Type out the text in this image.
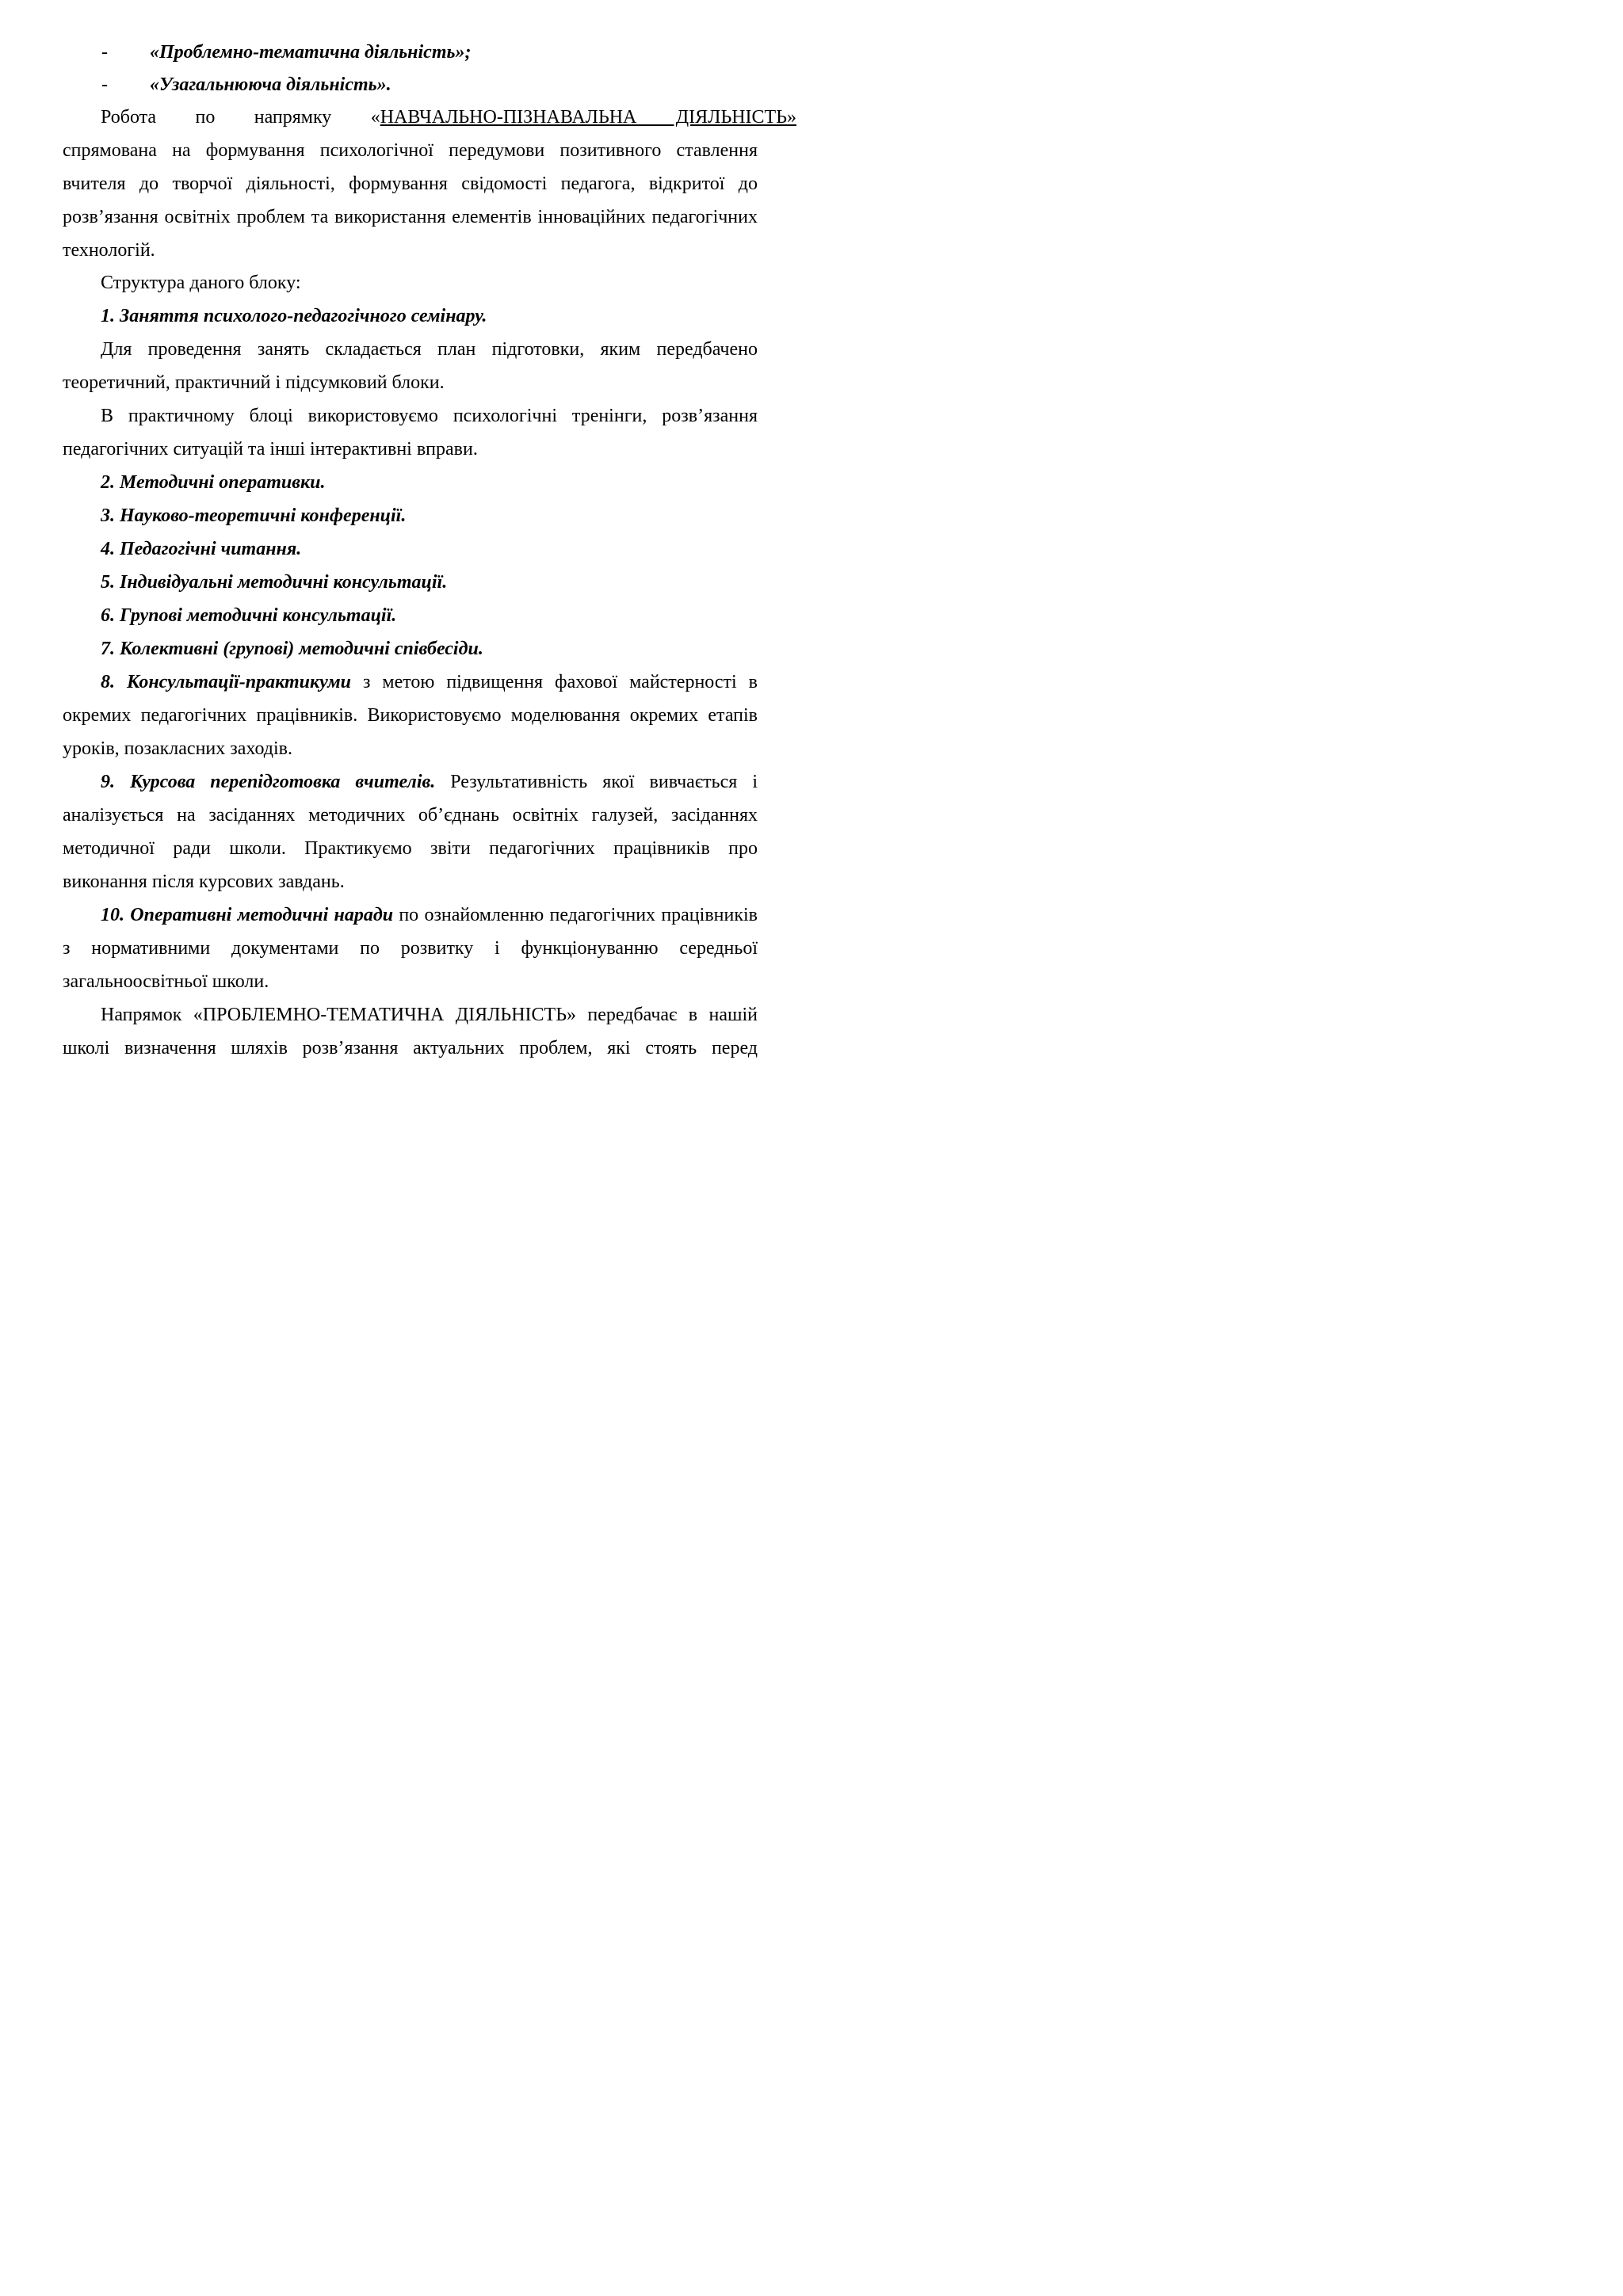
- «Проблемно-тематична діяльність»;
- «Узагальнююча діяльність».
Робота по напрямку «НАВЧАЛЬНО-ПІЗНАВАЛЬНА ДІЯЛЬНІСТЬ»
спрямована на формування психологічної передумови позитивного ставлення
вчителя до творчої діяльності, формування свідомості педагога, відкритої до
розв’язання освітніх проблем та використання елементів інноваційних педагогічних
технологій.
Структура даного блоку:
1. Заняття психолого-педагогічного семінару.
Для проведення занять складається план підготовки, яким передбачено
теоретичний, практичний і підсумковий блоки.
В практичному блоці використовуємо психологічні тренінги, розв’язання
педагогічних ситуацій та інші інтерактивні вправи.
2. Методичні оперативки.
3. Науково-теоретичні конференції.
4. Педагогічні читання.
5. Індивідуальні методичні консультації.
6. Групові методичні консультації.
7. Колективні (групові) методичні співбесіди.
8. Консультації-практикуми з метою підвищення фахової майстерності в
окремих педагогічних працівників. Використовуємо моделювання окремих етапів
уроків, позакласних заходів.
9. Курсова перепідготовка вчителів. Результативність якої вивчається і
аналізується на засіданнях методичних об’єднань освітніх галузей, засіданнях
методичної ради школи. Практикуємо звіти педагогічних працівників про
виконання після курсових завдань.
10. Оперативні методичні наради по ознайомленню педагогічних працівників
з нормативними документами по розвитку і функціонуванню середньої
загальноосвітньої школи.
Напрямок «ПРОБЛЕМНО-ТЕМАТИЧНА ДІЯЛЬНІСТЬ» передбачає в нашій
школі визначення шляхів розв’язання актуальних проблем, які стоять перед
